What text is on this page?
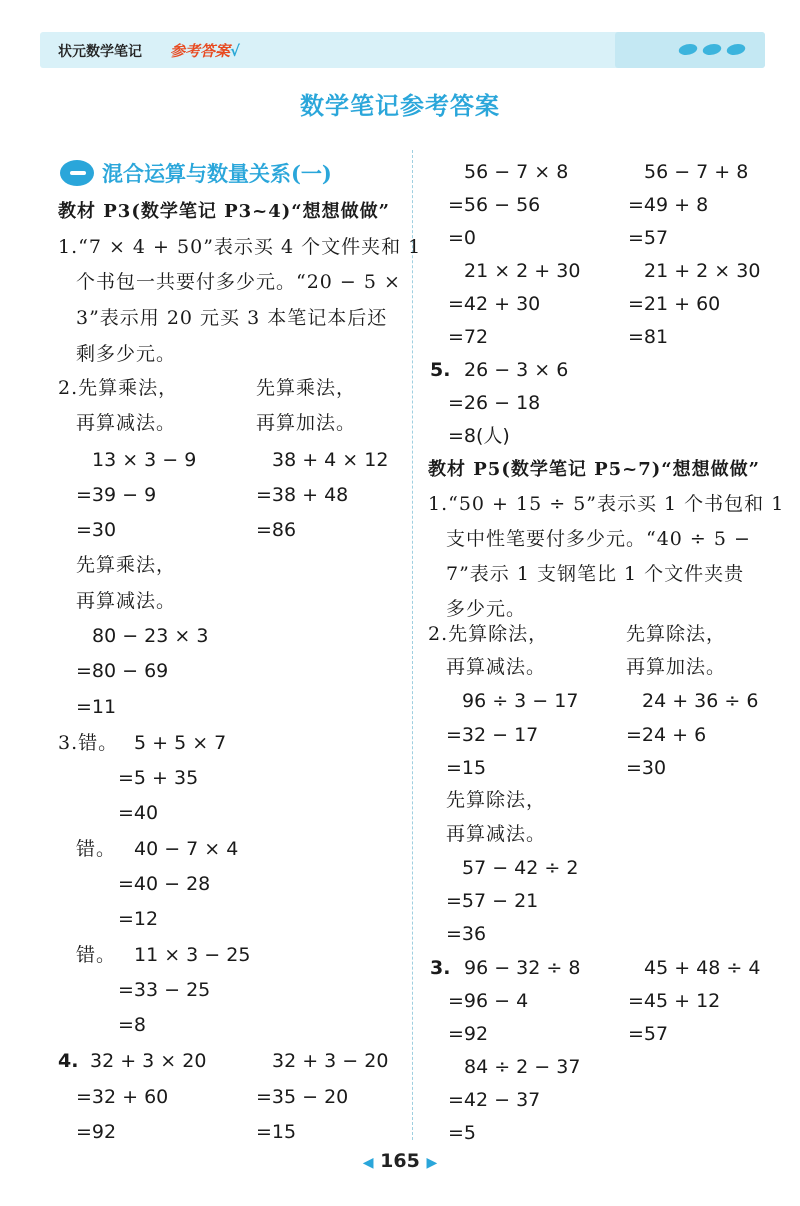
状元数学笔记 参考答案√
数学笔记参考答案
混合运算与数量关系(一)
教材 P3(数学笔记 P3~4)“想想做做”
1.“7 × 4 + 50”表示买 4 个文件夹和 1
个书包一共要付多少元。“20 − 5 ×
3”表示用 20 元买 3 本笔记本后还
剩多少元。
2.先算乘法，
再算减法。
13 × 3 − 9
=39 − 9
=30
先算乘法，
再算加法。
38 + 4 × 12
=38 + 48
=86
先算乘法，
再算减法。
80 − 23 × 3
=80 − 69
=11
3.错。 5 + 5 × 7
=5 + 35
=40
错。 40 − 7 × 4
=40 − 28
=12
错。 11 × 3 − 25
=33 − 25
=8
4. 32 + 3 × 20
=32 + 60
=92
32 + 3 − 20
=35 − 20
=15
56 − 7 × 8
=56 − 56
=0
56 − 7 + 8
=49 + 8
=57
21 × 2 + 30
=42 + 30
=72
21 + 2 × 30
=21 + 60
=81
5. 26 − 3 × 6
=26 − 18
=8(人)
教材 P5(数学笔记 P5~7)“想想做做”
1.“50 + 15 ÷ 5”表示买 1 个书包和 1
支中性笔要付多少元。“40 ÷ 5 −
7”表示 1 支钢笔比 1 个文件夹贵
多少元。
2.先算除法，
再算减法。
96 ÷ 3 − 17
=32 − 17
=15
先算除法，
再算加法。
24 + 36 ÷ 6
=24 + 6
=30
先算除法，
再算减法。
57 − 42 ÷ 2
=57 − 21
=36
3. 96 − 32 ÷ 8
=96 − 4
=92
45 + 48 ÷ 4
=45 + 12
=57
84 ÷ 2 − 37
=42 − 37
=5
◀ 165 ▶
